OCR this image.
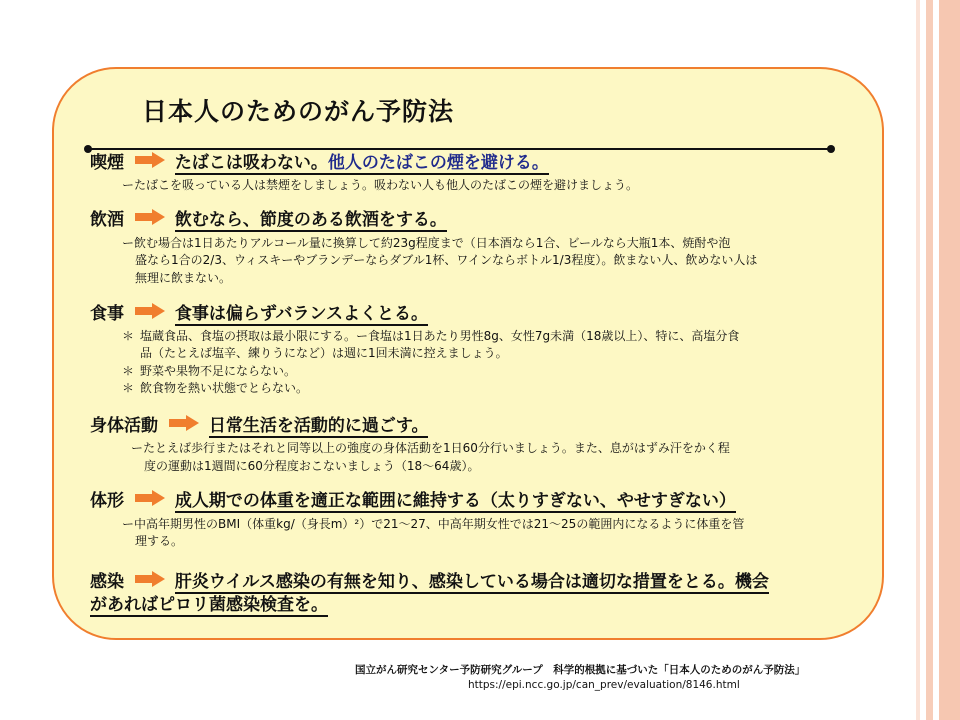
日本人のためのがん予防法
喫煙	たばこは吸わない。他人のたばこの煙を避ける。
ーたばこを吸っている人は禁煙をしましょう。吸わない人も他人のたばこの煙を避けましょう。
飲酒	飲むなら、節度のある飲酒をする。
ー飲む場合は1日あたりアルコール量に換算して約23g程度まで（日本酒なら1合、ビールなら大瓶1本、焼酎や泡
盛なら1合の2/3、ウィスキーやブランデーならダブル1杯、ワインならボトル1/3程度）。飲まない人、飲めない人は
無理に飲まない。
食事	食事は偏らずバランスよくとる。
＊ 塩蔵食品、食塩の摂取は最小限にする。ー食塩は1日あたり男性8g、女性7g未満（18歳以上）、特に、高塩分食
品（たとえば塩辛、練りうになど）は週に1回未満に控えましょう。
＊ 野菜や果物不足にならない。
＊ 飲食物を熱い状態でとらない。
身体活動	日常生活を活動的に過ごす。
ーたとえば歩行またはそれと同等以上の強度の身体活動を1日60分行いましょう。また、息がはずみ汗をかく程
度の運動は1週間に60分程度おこないましょう（18〜64歳）。
体形	成人期での体重を適正な範囲に維持する（太りすぎない、やせすぎない）
ー中高年期男性のBMI（体重kg/（身長m）²）で21〜27、中高年期女性では21〜25の範囲内になるように体重を管
理する。
感染	肝炎ウイルス感染の有無を知り、感染している場合は適切な措置をとる。機会
があればピロリ菌感染検査を。
国立がん研究センター予防研究グループ　科学的根拠に基づいた「日本人のためのがん予防法」
https://epi.ncc.go.jp/can_prev/evaluation/8146.html
